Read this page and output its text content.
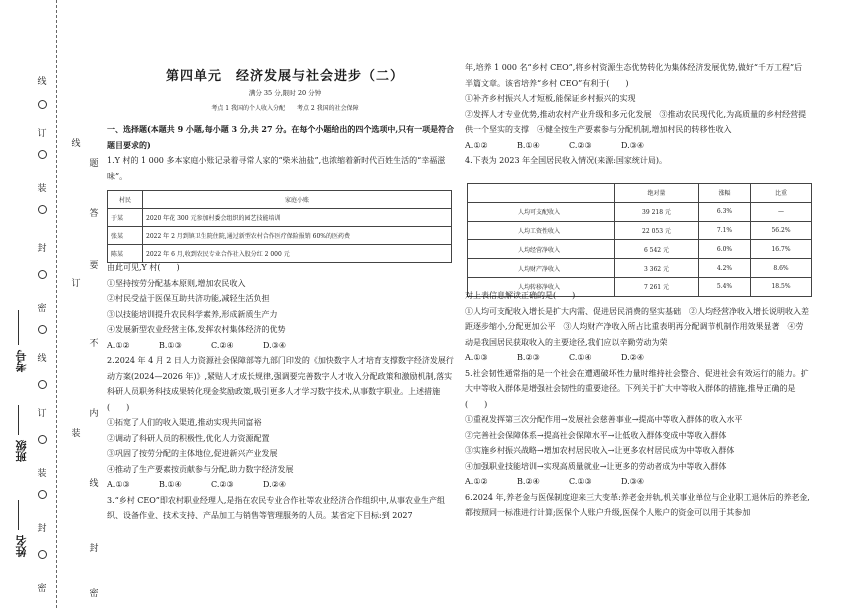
姓名
班级
考号
线
订
装
封
密
线
订
装
封
密
题
答
要
不
内
线
封
密
线
订
装
第四单元　经济发展与社会进步（二）
满分 35 分,限时 20 分钟
考点 1 我国的个人收入分配　　考点 2 我国的社会保障

一、选择题(本题共 9 小题,每小题 3 分,共 27 分。在每个小题给出的四个选项中,只有一项是符合题目要求的)

1.Y 村的 1 000 多本家庭小账记录着寻常人家的“柴米油盐”,也浓缩着新时代百姓生活的“幸福滋味”。

村民	家庭小账
于某	2020 年花 300 元参加村委会组织的园艺技能培训
张某	2022 年 2 月到镇卫生院住院,通过新型农村合作医疗保险报销 60%的医药费
陈某	2022 年 6 月,收到农民专业合作社入股分红 2 000 元

由此可见,Y 村(　　)

①坚持按劳分配基本原则,增加农民收入

②村民受益于医保互助共济功能,减轻生活负担

③以技能培训提升农民科学素养,形成新质生产力

④发展新型农业经营主体,发挥农村集体经济的优势

A.①②	B.①③	C.②④	D.③④

2.2024 年 4 月 2 日人力资源社会保障部等九部门印发的《加快数字人才培育支撑数字经济发展行动方案(2024—2026 年)》,紧贴人才成长规律,强调要完善数字人才收入分配政策和激励机制,落实科研人员职务科技成果转化现金奖励政策,吸引更多人才学习数字技术,从事数字职业。上述措施(　　)

①拓宽了人们的收入渠道,推动实现共同富裕

②调动了科研人员的积极性,优化人力资源配置

③巩固了按劳分配的主体地位,促进新兴产业发展

④推动了生产要素按贡献参与分配,助力数字经济发展

A.①③	B.①④	C.②③	D.②④

3.“乡村 CEO”即农村职业经理人,是指在农民专业合作社等农业经济合作组织中,从事农业生产组织、设备作业、技术支持、产品加工与销售等管理服务的人员。某省定下目标:到 2027

年,培养 1 000 名“乡村 CEO”,将乡村资源生态优势转化为集体经济发展优势,做好“千万工程”后半篇文章。该省培养“乡村 CEO”有利于(　　)

①补齐乡村振兴人才短板,能保证乡村振兴的实现

②发挥人才专业优势,推动农村产业升级和多元化发展　③推动农民现代化,为高质量的乡村经营提供一个坚实的支撑　④健全按生产要素参与分配机制,增加村民的转移性收入

A.①②	B.①④	C.②③	D.③④

4.下表为 2023 年全国居民收入情况(来源:国家统计局)。

	绝对量	涨幅	比重
人均可支配收入	39 218 元	6.3%	—
人均工资性收入	22 053 元	7.1%	56.2%
人均经营净收入	6 542 元	6.0%	16.7%
人均财产净收入	3 362 元	4.2%	8.6%
人均转移净收入	7 261 元	5.4%	18.5%

对上表信息解读正确的是(　　)

①人均可支配收入增长是扩大内需、促进居民消费的坚实基础　②人均经营净收入增长说明收入差距逐步缩小,分配更加公平　③人均财产净收入所占比重表明再分配调节机制作用效果显著　④劳动是我国居民获取收入的主要途径,我们应以辛勤劳动为荣

A.①③	B.②③	C.①④	D.②④

5.社会韧性通常指的是一个社会在遭遇破坏性力量时维持社会整合、促进社会有效运行的能力。扩大中等收入群体是增强社会韧性的重要途径。下列关于扩大中等收入群体的措施,推导正确的是(　　)

①重视发挥第三次分配作用→发展社会慈善事业→提高中等收入群体的收入水平

②完善社会保障体系→提高社会保障水平→让低收入群体变成中等收入群体

③实施乡村振兴战略→增加农村居民收入→让更多农村居民成为中等收入群体

④加强职业技能培训→实现高质量就业→让更多的劳动者成为中等收入群体

A.①②	B.②④	C.①③	D.③④

6.2024 年,养老金与医保制度迎来三大变革:养老金并轨,机关事业单位与企业职工退休后的养老金,都按照同一标准进行计算;医保个人账户升级,医保个人账户的资金可以用于其参加
